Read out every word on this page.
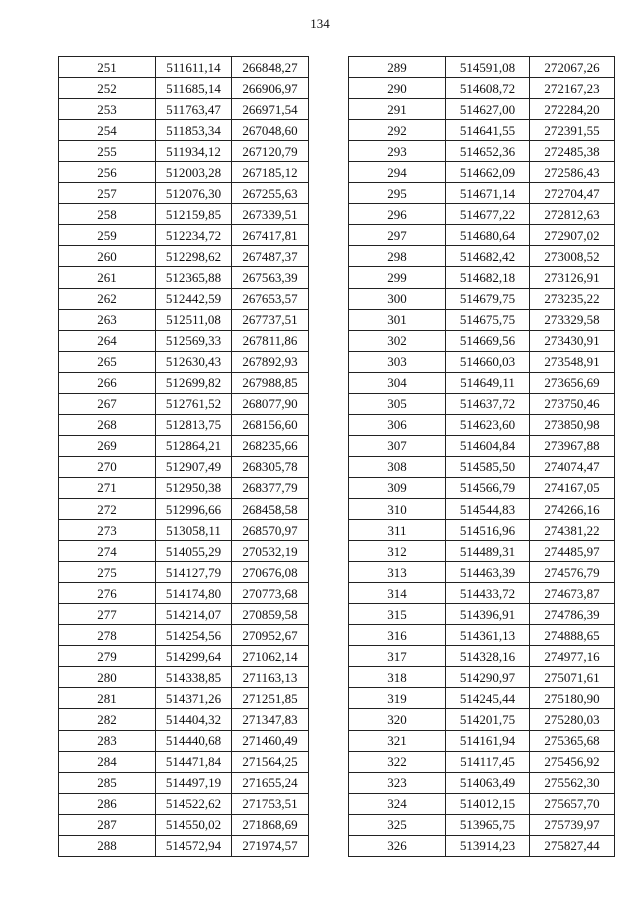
134
251	511611,14	266848,27
252	511685,14	266906,97
253	511763,47	266971,54
254	511853,34	267048,60
255	511934,12	267120,79
256	512003,28	267185,12
257	512076,30	267255,63
258	512159,85	267339,51
259	512234,72	267417,81
260	512298,62	267487,37
261	512365,88	267563,39
262	512442,59	267653,57
263	512511,08	267737,51
264	512569,33	267811,86
265	512630,43	267892,93
266	512699,82	267988,85
267	512761,52	268077,90
268	512813,75	268156,60
269	512864,21	268235,66
270	512907,49	268305,78
271	512950,38	268377,79
272	512996,66	268458,58
273	513058,11	268570,97
274	514055,29	270532,19
275	514127,79	270676,08
276	514174,80	270773,68
277	514214,07	270859,58
278	514254,56	270952,67
279	514299,64	271062,14
280	514338,85	271163,13
281	514371,26	271251,85
282	514404,32	271347,83
283	514440,68	271460,49
284	514471,84	271564,25
285	514497,19	271655,24
286	514522,62	271753,51
287	514550,02	271868,69
288	514572,94	271974,57
289	514591,08	272067,26
290	514608,72	272167,23
291	514627,00	272284,20
292	514641,55	272391,55
293	514652,36	272485,38
294	514662,09	272586,43
295	514671,14	272704,47
296	514677,22	272812,63
297	514680,64	272907,02
298	514682,42	273008,52
299	514682,18	273126,91
300	514679,75	273235,22
301	514675,75	273329,58
302	514669,56	273430,91
303	514660,03	273548,91
304	514649,11	273656,69
305	514637,72	273750,46
306	514623,60	273850,98
307	514604,84	273967,88
308	514585,50	274074,47
309	514566,79	274167,05
310	514544,83	274266,16
311	514516,96	274381,22
312	514489,31	274485,97
313	514463,39	274576,79
314	514433,72	274673,87
315	514396,91	274786,39
316	514361,13	274888,65
317	514328,16	274977,16
318	514290,97	275071,61
319	514245,44	275180,90
320	514201,75	275280,03
321	514161,94	275365,68
322	514117,45	275456,92
323	514063,49	275562,30
324	514012,15	275657,70
325	513965,75	275739,97
326	513914,23	275827,44
